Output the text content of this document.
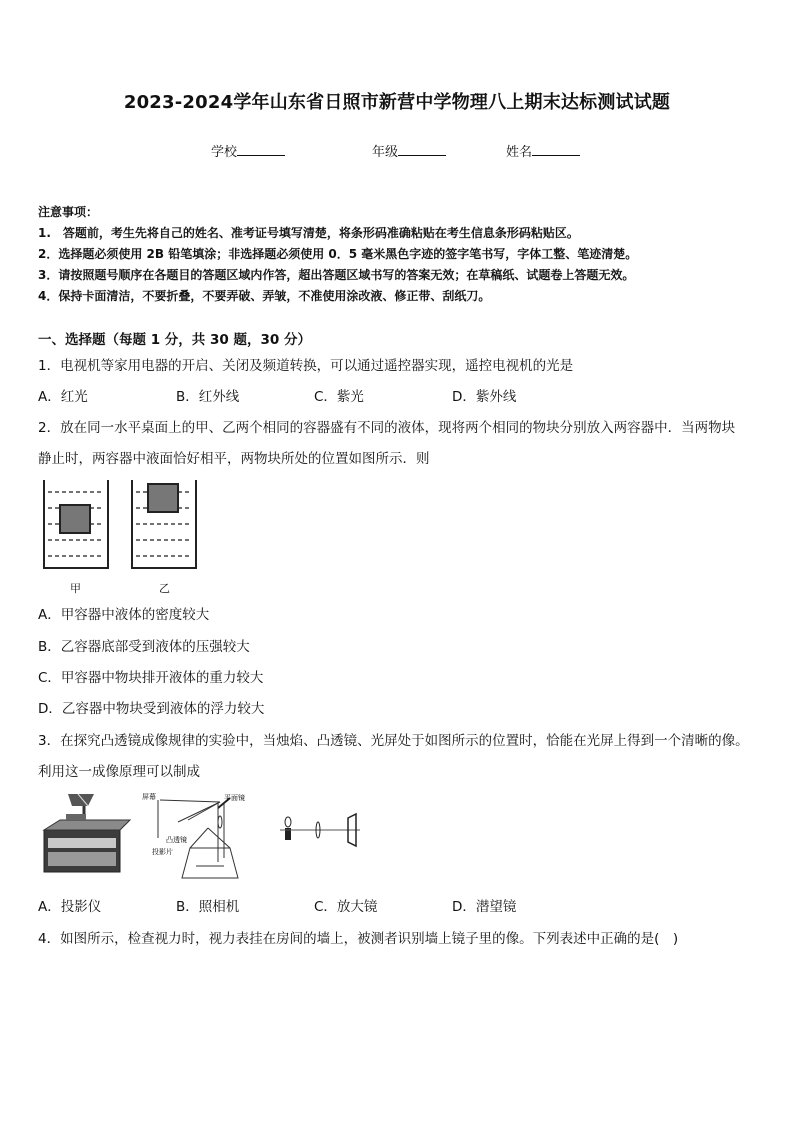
2023-2024学年山东省日照市新营中学物理八上期末达标测试试题
学校	年级	姓名
注意事项：
1.　答题前，考生先将自己的姓名、准考证号填写清楚，将条形码准确粘贴在考生信息条形码粘贴区。
2．选择题必须使用 2B 铅笔填涂；非选择题必须使用 0．5 毫米黑色字迹的签字笔书写，字体工整、笔迹清楚。
3．请按照题号顺序在各题目的答题区域内作答，超出答题区域书写的答案无效；在草稿纸、试题卷上答题无效。
4．保持卡面清洁，不要折叠，不要弄破、弄皱，不准使用涂改液、修正带、刮纸刀。
一、选择题（每题 1 分，共 30 题，30 分）
1．电视机等家用电器的开启、关闭及频道转换，可以通过遥控器实现，遥控电视机的光是
A．红光	B．红外线	C．紫光	D．紫外线
2．放在同一水平桌面上的甲、乙两个相同的容器盛有不同的液体，现将两个相同的物块分别放入两容器中．当两物块
静止时，两容器中液面恰好相平，两物块所处的位置如图所示．则
甲	乙
A．甲容器中液体的密度较大
B．乙容器底部受到液体的压强较大
C．甲容器中物块排开液体的重力较大
D．乙容器中物块受到液体的浮力较大
3．在探究凸透镜成像规律的实验中，当烛焰、凸透镜、光屏处于如图所示的位置时，恰能在光屏上得到一个清晰的像。
利用这一成像原理可以制成
屏幕	平面镜
凸透镜
投影片
A．投影仪	B．照相机	C．放大镜	D．潜望镜
4．如图所示，检查视力时，视力表挂在房间的墙上，被测者识别墙上镜子里的像。下列表述中正确的是(　)
